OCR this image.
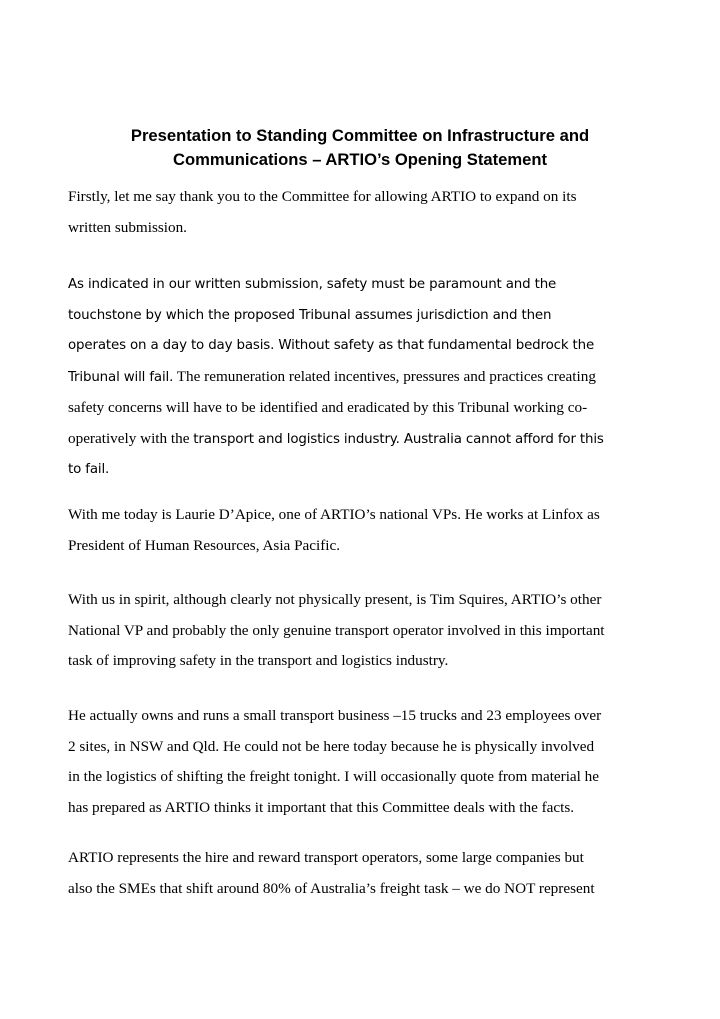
Presentation to Standing Committee on Infrastructure and
Communications – ARTIO’s Opening Statement

Firstly, let me say thank you to the Committee for allowing ARTIO to expand on its
written submission.

As indicated in our written submission, safety must be paramount and the
touchstone by which the proposed Tribunal assumes jurisdiction and then
operates on a day to day basis. Without safety as that fundamental bedrock the
Tribunal will fail. The remuneration related incentives, pressures and practices creating
safety concerns will have to be identified and eradicated by this Tribunal working co-
operatively with the transport and logistics industry. Australia cannot afford for this
to fail.

With me today is Laurie D’Apice, one of ARTIO’s national VPs. He works at Linfox as
President of Human Resources, Asia Pacific.

With us in spirit, although clearly not physically present, is Tim Squires, ARTIO’s other
National VP and probably the only genuine transport operator involved in this important
task of improving safety in the transport and logistics industry.

He actually owns and runs a small transport business –15 trucks and 23 employees over
2 sites, in NSW and Qld. He could not be here today because he is physically involved
in the logistics of shifting the freight tonight. I will occasionally quote from material he
has prepared as ARTIO thinks it important that this Committee deals with the facts.

ARTIO represents the hire and reward transport operators, some large companies but
also the SMEs that shift around 80% of Australia’s freight task – we do NOT represent
